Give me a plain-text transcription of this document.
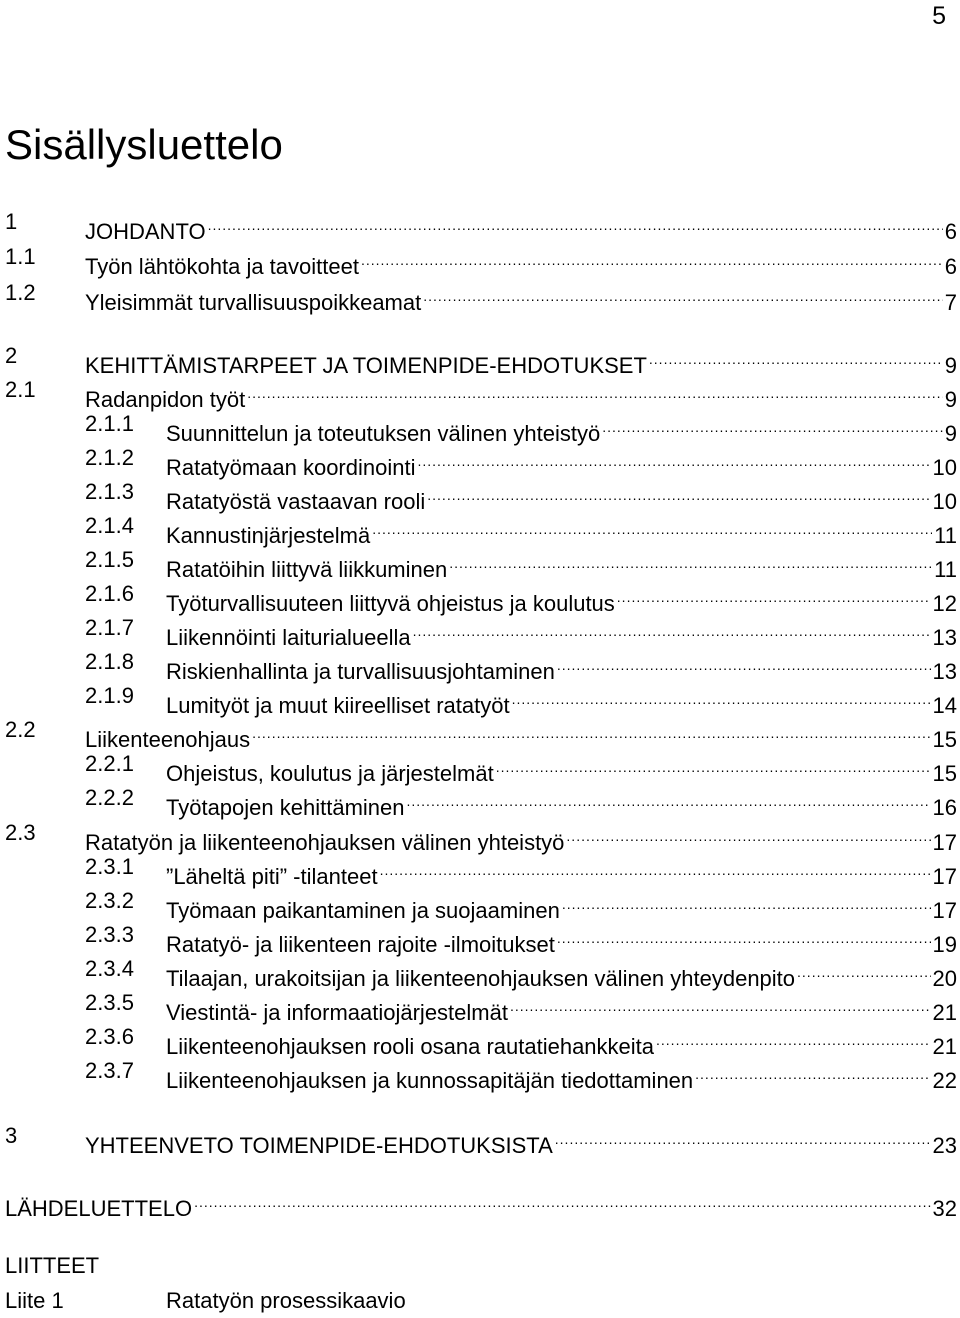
5
Sisällysluettelo
1	JOHDANTO .....	6
1.1 Työn lähtökohta ja tavoitteet .....	6
1.2 Yleisimmät turvallisuuspoikkeamat .....	7
2	KEHITTÄMISTARPEET JA TOIMENPIDE-EHDOTUKSET .....	9
2.1 Radanpidon työt .....	9
2.1.1 Suunnittelun ja toteutuksen välinen yhteistyö .....	9
2.1.2 Ratatyömaan koordinointi .....	10
2.1.3 Ratatyöstä vastaavan rooli .....	10
2.1.4 Kannustinjärjestelmä .....	11
2.1.5 Ratatöihin liittyvä liikkuminen .....	11
2.1.6 Työturvallisuuteen liittyvä ohjeistus ja koulutus .....	12
2.1.7 Liikennöinti laiturialueella .....	13
2.1.8 Riskienhallinta ja turvallisuusjohtaminen .....	13
2.1.9 Lumityöt ja muut kiireelliset ratatyöt .....	14
2.2 Liikenteenohjaus .....	15
2.2.1 Ohjeistus, koulutus ja järjestelmät .....	15
2.2.2 Työtapojen kehittäminen .....	16
2.3 Ratatyön ja liikenteenohjauksen välinen yhteistyö .....	17
2.3.1 ”Läheltä piti” -tilanteet .....	17
2.3.2 Työmaan paikantaminen ja suojaaminen .....	17
2.3.3 Ratatyö- ja liikenteen rajoite -ilmoitukset .....	19
2.3.4 Tilaajan, urakoitsijan ja liikenteenohjauksen välinen yhteydenpito .....	20
2.3.5 Viestintä- ja informaatiojärjestelmät .....	21
2.3.6 Liikenteenohjauksen rooli osana rautatiehankkeita .....	21
2.3.7 Liikenteenohjauksen ja kunnossapitäjän tiedottaminen .....	22
3	YHTEENVETO TOIMENPIDE-EHDOTUKSISTA .....	23
LÄHDELUETTELO .....	32
LIITTEET
Liite 1	Ratatyön prosessikaavio
